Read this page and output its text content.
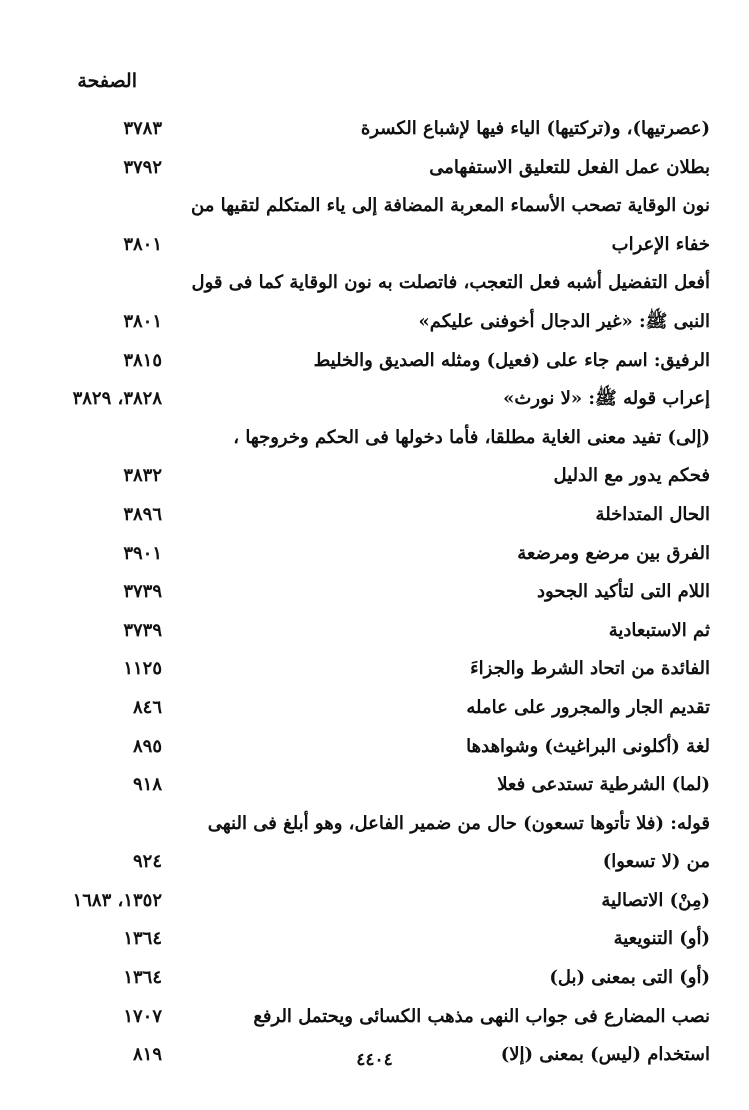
الصفحة
(عصرتيها)، و(تركتيها) الياء فيها لإشباع الكسرة
٣٧٨٣
بطلان عمل الفعل للتعليق الاستفهامى
٣٧٩٢
نون الوقاية تصحب الأسماء المعربة المضافة إلى ياء المتكلم لتقيها من
خفاء الإعراب
٣٨٠١
أفعل التفضيل أشبه فعل التعجب، فاتصلت به نون الوقاية كما فى قول
النبى ﷺ: «غير الدجال أخوفنى عليكم»
٣٨٠١
الرفيق: اسم جاء على (فعيل) ومثله الصديق والخليط
٣٨١٥
إعراب قوله ﷺ: «لا نورث»
٣٨٢٨، ٣٨٢٩
(إلى) تفيد معنى الغاية مطلقا، فأما دخولها فى الحكم وخروجها ،
فحكم يدور مع الدليل
٣٨٣٢
الحال المتداخلة
٣٨٩٦
الفرق بين مرضع ومرضعة
٣٩٠١
اللام التى لتأكيد الجحود
٣٧٣٩
ثم الاستبعادية
٣٧٣٩
الفائدة من اتحاد الشرط والجزاءَ
١١٢٥
تقديم الجار والمجرور على عامله
٨٤٦
لغة (أكلونى البراغيث) وشواهدها
٨٩٥
(لما) الشرطية تستدعى فعلا
٩١٨
قوله: (فلا تأتوها تسعون) حال من ضمير الفاعل، وهو أبلغ فى النهى
من (لا تسعوا)
٩٢٤
(مِنْ) الاتصالية
١٣٥٢، ١٦٨٣
(أو) التنويعية
١٣٦٤
(أو) التى بمعنى (بل)
١٣٦٤
نصب المضارع فى جواب النهى مذهب الكسائى ويحتمل الرفع
١٧٠٧
استخدام (ليس) بمعنى (إلا)
٨١٩	٤٤٠٤
